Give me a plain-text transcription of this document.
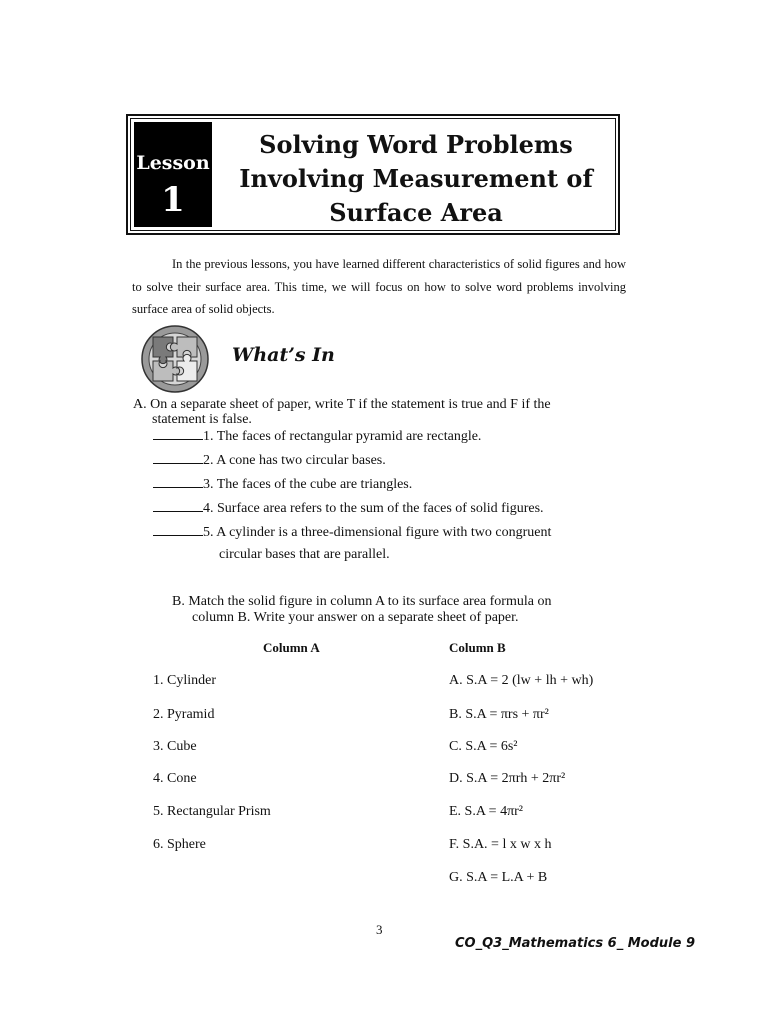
Lesson
1
Solving Word Problems
Involving Measurement of
Surface Area
In the previous lessons, you have learned different characteristics of solid figures and how to solve their surface area. This time, we will focus on how to solve word problems involving surface area of solid objects.
What’s In
A. On a separate sheet of paper, write T if the statement is true and F if the
statement is false.
1. The faces of rectangular pyramid are rectangle.
2. A cone has two circular bases.
3. The faces of the cube are triangles.
4. Surface area refers to the sum of the faces of solid figures.
5. A cylinder is a three-dimensional figure with two congruent
circular bases that are parallel.
B. Match the solid figure in column A to its surface area formula on
column B. Write your answer on a separate sheet of paper.
Column A	Column B
1. Cylinder
2. Pyramid
3. Cube
4. Cone
5. Rectangular Prism
6. Sphere
A. S.A = 2 (lw + lh + wh)
B. S.A = πrs + πr²
C. S.A = 6s²
D. S.A = 2πrh + 2πr²
E. S.A = 4πr²
F. S.A. = l x w x h
G. S.A = L.A + B
3
CO_Q3_Mathematics 6_ Module 9
